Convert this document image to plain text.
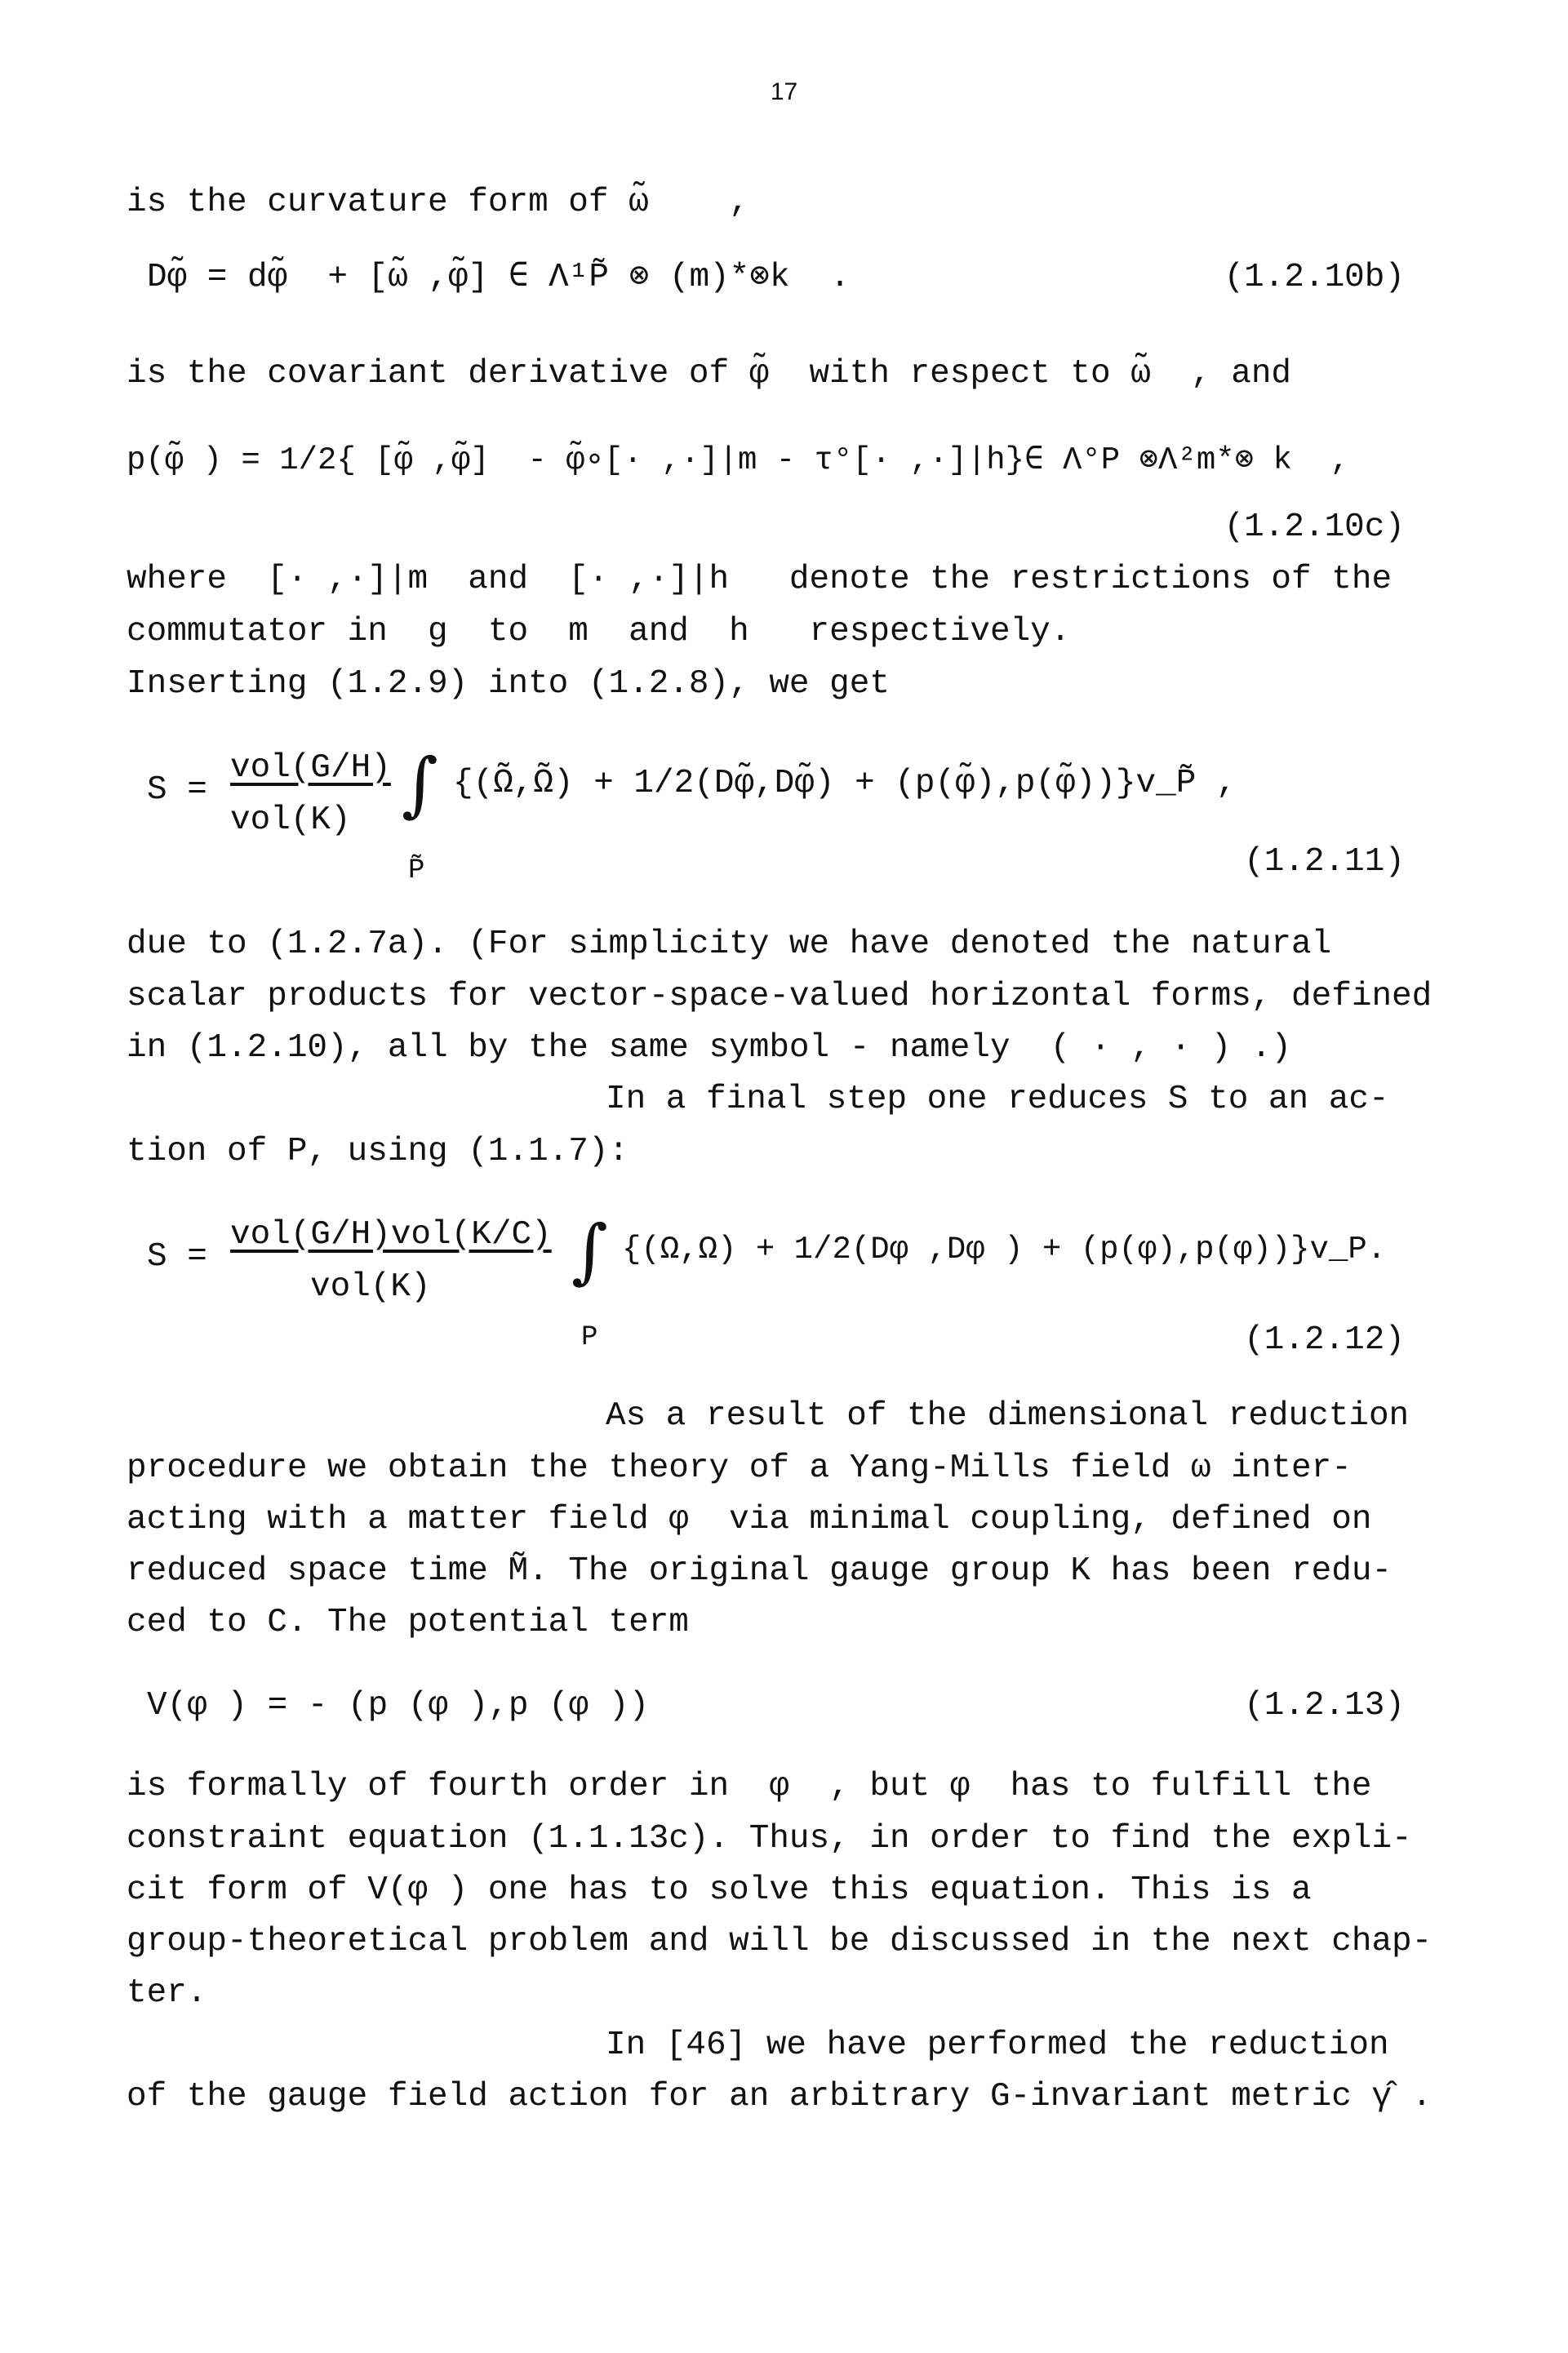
17
is the curvature form of ω̃    ,
Dφ̃ = dφ̃  + [ω̃ ,φ̃] ∈ Λ¹P̃ ⊗ (m)*⊗k  .	(1.2.10b)
is the covariant derivative of φ̃  with respect to ω̃  , and
p(φ̃ ) = 1/2{ [φ̃ ,φ̃]  - φ̃∘[· ,·]|m - τ°[· ,·]|h}∈ Λ°P ⊗Λ²m*⊗ k  ,
(1.2.10c)
where  [· ,·]|m  and  [· ,·]|h   denote the restrictions of the
commutator in  g  to  m  and  h   respectively.
Inserting (1.2.9) into (1.2.8), we get
S =
vol(G/H)
vol(K) ∫
P̃
{(Ω̃,Ω̃) + 1/2(Dφ̃,Dφ̃) + (p(φ̃),p(φ̃))}v_P̃ ,
(1.2.11)
due to (1.2.7a). (For simplicity we have denoted the natural
scalar products for vector-space-valued horizontal forms, defined
in (1.2.10), all by the same symbol - namely  ( · , · ) .)
In a final step one reduces S to an ac-
tion of P, using (1.1.7):
S =
vol(G/H)vol(K/C)
vol(K) ∫
P
{(Ω,Ω) + 1/2(Dφ ,Dφ ) + (p(φ),p(φ))}v_P.
(1.2.12)
As a result of the dimensional reduction
procedure we obtain the theory of a Yang-Mills field ω inter-
acting with a matter field φ  via minimal coupling, defined on
reduced space time M̃. The original gauge group K has been redu-
ced to C. The potential term
V(φ ) = - (p (φ ),p (φ ))	(1.2.13)
is formally of fourth order in  φ  , but φ  has to fulfill the
constraint equation (1.1.13c). Thus, in order to find the expli-
cit form of V(φ ) one has to solve this equation. This is a
group-theoretical problem and will be discussed in the next chap-
ter.
In [46] we have performed the reduction
of the gauge field action for an arbitrary G-invariant metric γ̂ .
